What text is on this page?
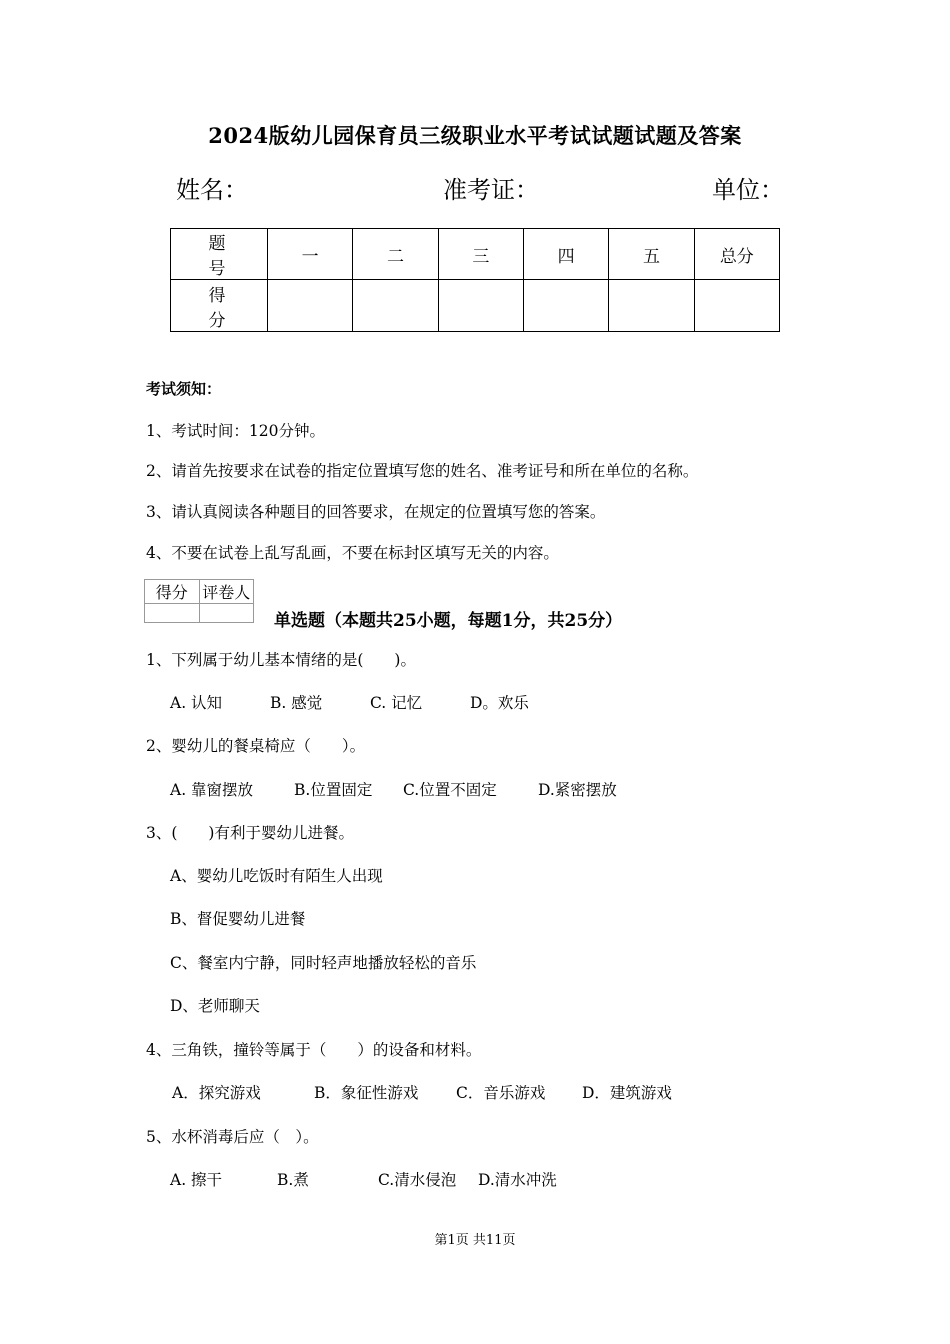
2024版幼儿园保育员三级职业水平考试试题试题及答案
姓名：	准考证：	单位：
题　号	一	二	三	四	五	总分
得　分						
考试须知：
1、考试时间：120分钟。
2、请首先按要求在试卷的指定位置填写您的姓名、准考证号和所在单位的名称。
3、请认真阅读各种题目的回答要求，在规定的位置填写您的答案。
4、不要在试卷上乱写乱画，不要在标封区填写无关的内容。
得分	评卷人

单选题（本题共25小题，每题1分，共25分）
1、下列属于幼儿基本情绪的是(　　)。
A. 认知	B. 感觉	C. 记忆	D。欢乐
2、婴幼儿的餐桌椅应（　　）。
A. 靠窗摆放	B.位置固定 C.位置不固定	D.紧密摆放
3、(　　)有利于婴幼儿进餐。
A、婴幼儿吃饭时有陌生人出现
B、督促婴幼儿进餐
C、餐室内宁静，同时轻声地播放轻松的音乐
D、老师聊天
4、三角铁，撞铃等属于（　　）的设备和材料。
A．探究游戏	B．象征性游戏 C．音乐游戏 D．建筑游戏
5、水杯消毒后应（　）。
A. 擦干	B.煮	C.清水侵泡 D.清水冲洗
第1页 共11页
